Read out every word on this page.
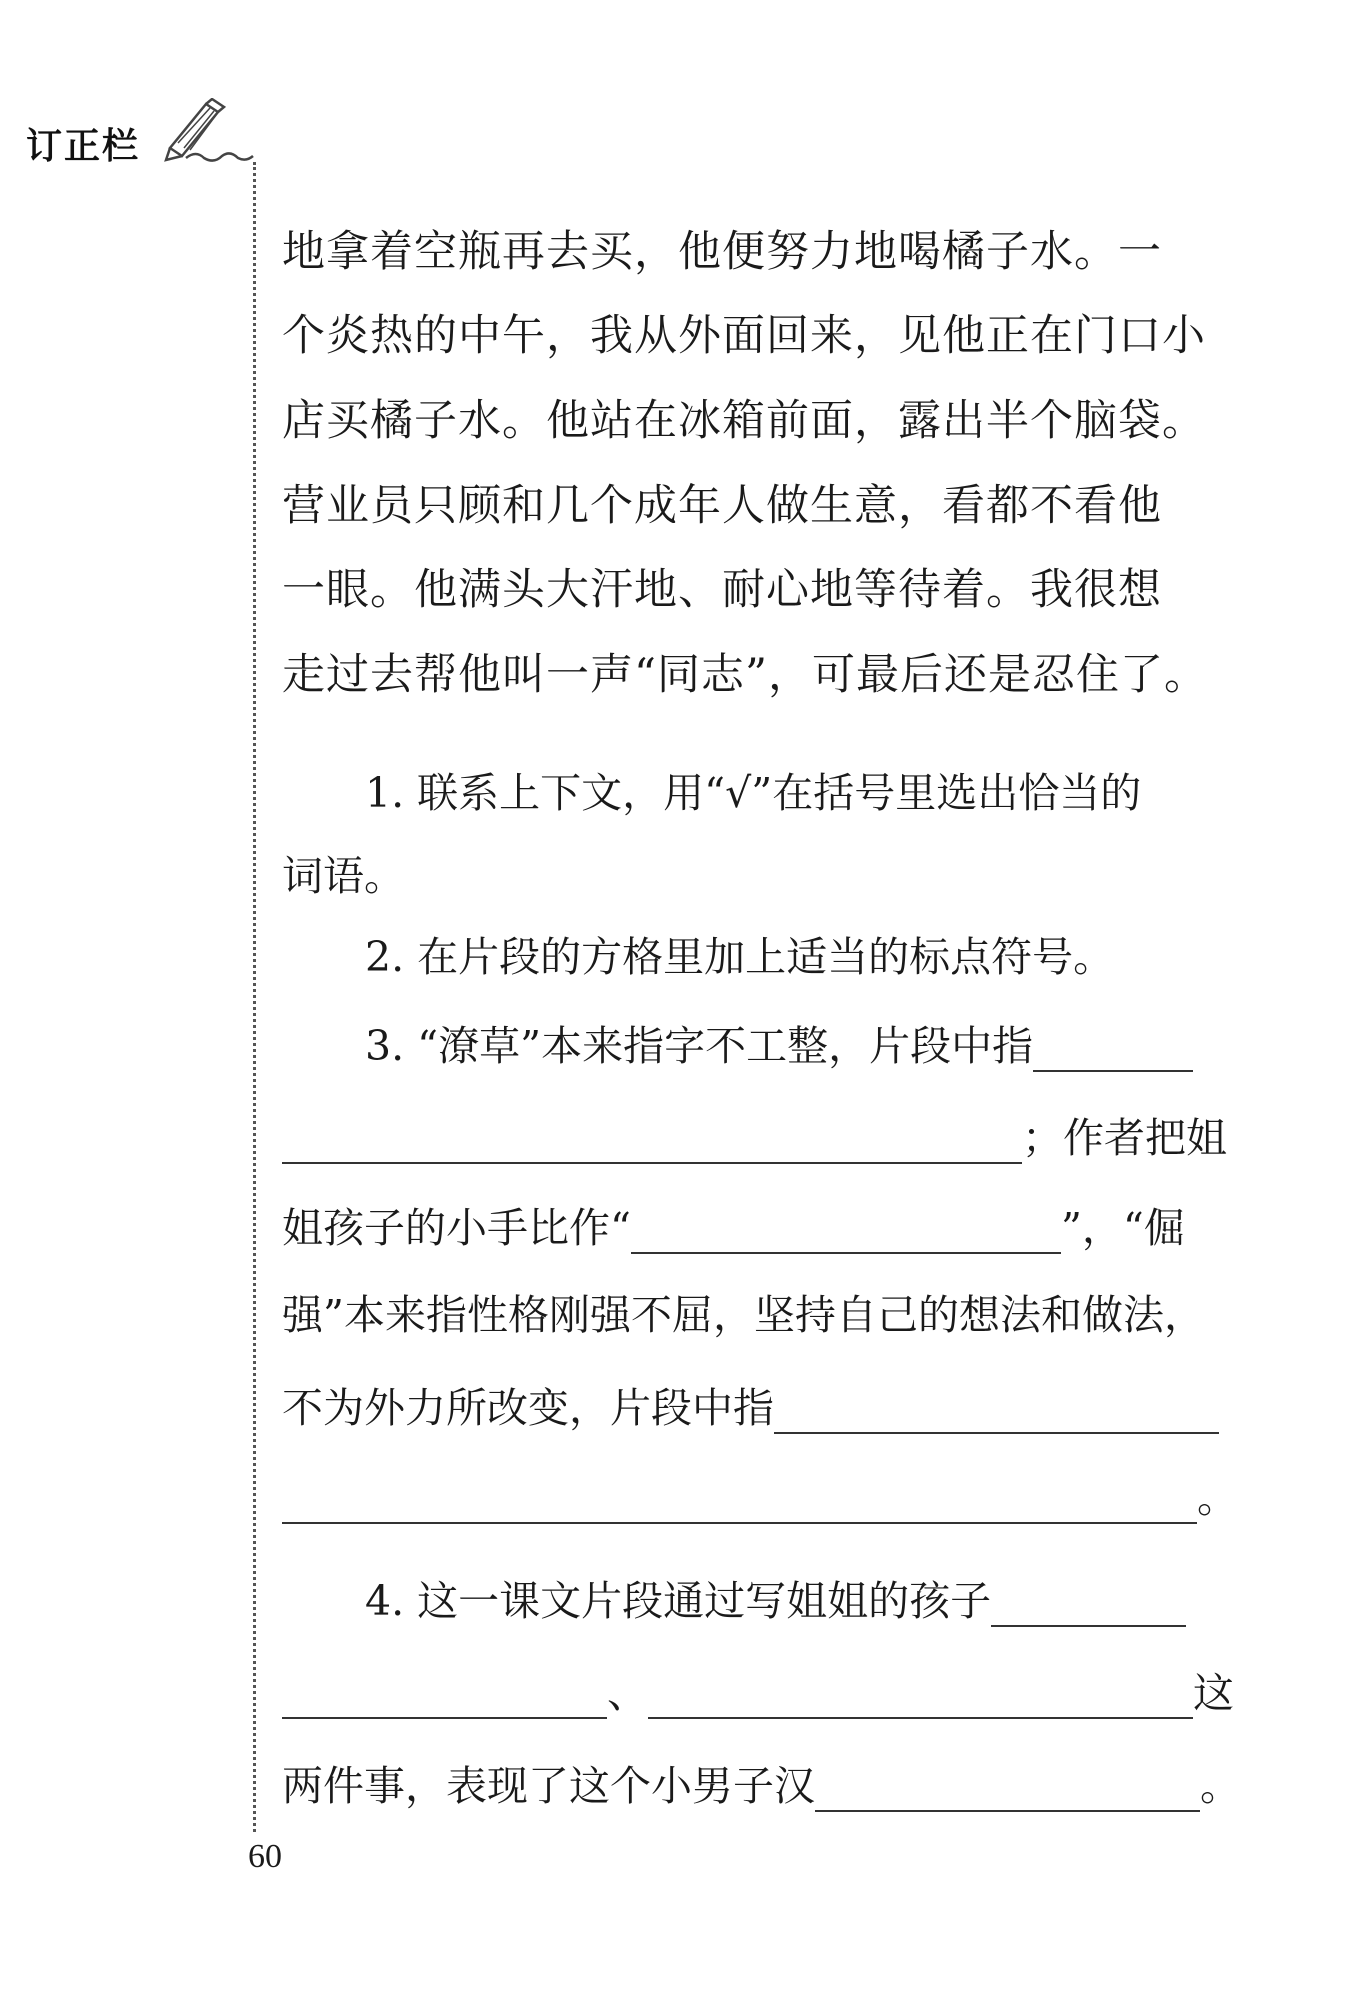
订正栏
地拿着空瓶再去买，他便努力地喝橘子水。一
个炎热的中午，我从外面回来，见他正在门口小
店买橘子水。他站在冰箱前面，露出半个脑袋。
营业员只顾和几个成年人做生意，看都不看他
一眼。他满头大汗地、耐心地等待着。我很想
走过去帮他叫一声“同志”，可最后还是忍住了。
1. 联系上下文，用“√”在括号里选出恰当的
词语。
2. 在片段的方格里加上适当的标点符号。
3. “潦草”本来指字不工整，片段中指
；作者把姐
姐孩子的小手比作“	”，“倔
强”本来指性格刚强不屈，坚持自己的想法和做法，
不为外力所改变，片段中指
。
4. 这一课文片段通过写姐姐的孩子
、	这
两件事，表现了这个小男子汉	。
60
